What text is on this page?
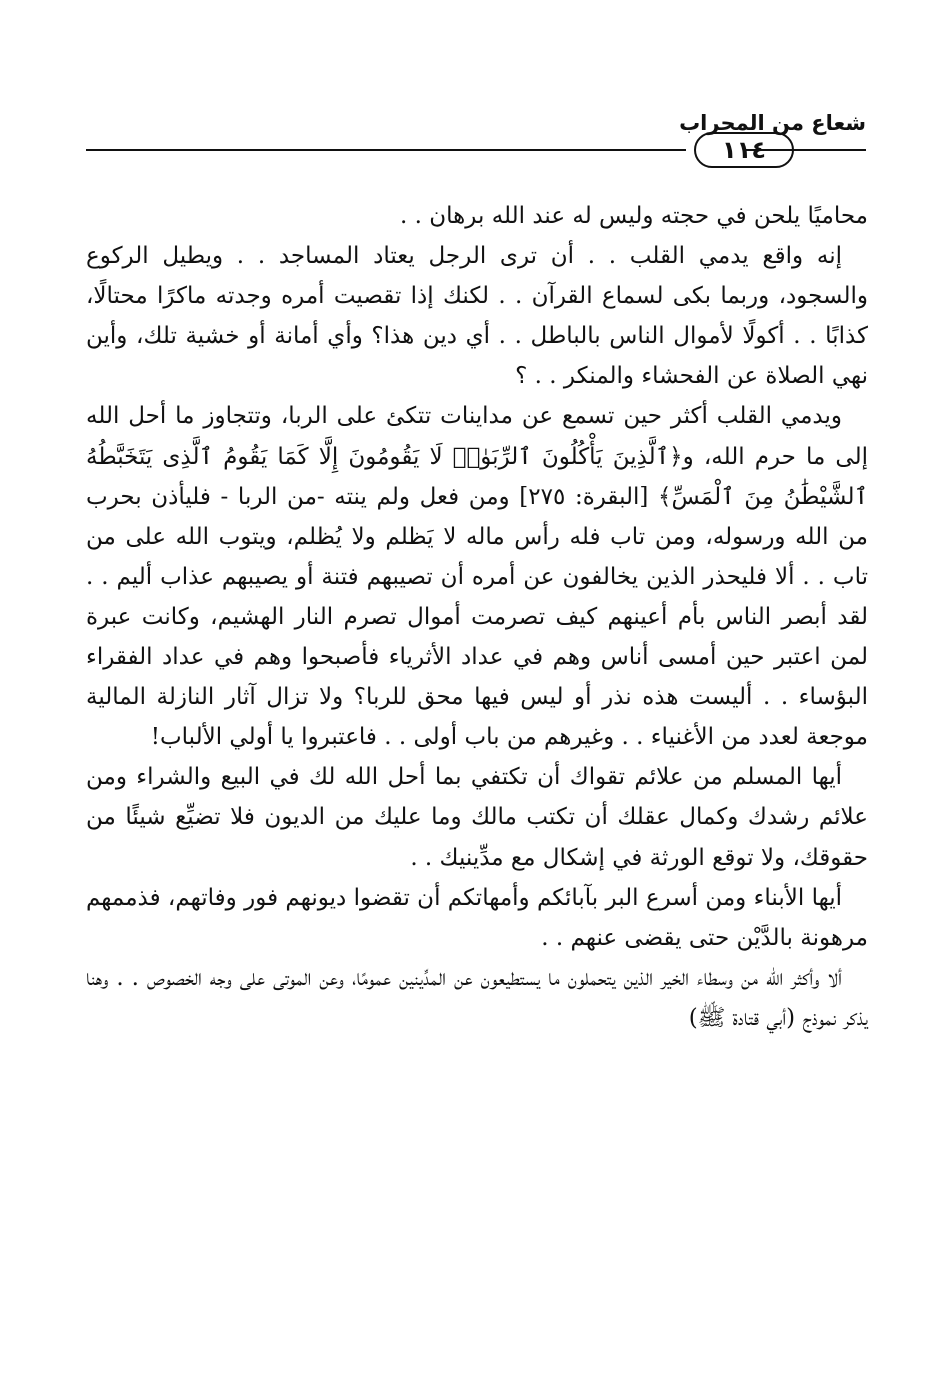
شعاع من المحراب
١١٤

محاميًا يلحن في حجته وليس له عند الله برهان . .

إنه واقع يدمي القلب . . أن ترى الرجل يعتاد المساجد . . ويطيل الركوع والسجود، وربما بكى لسماع القرآن . . لكنك إذا تقصيت أمره وجدته ماكرًا محتالًا، كذابًا . . أكولًا لأموال الناس بالباطل . . أي دين هذا؟ وأي أمانة أو خشية تلك، وأين نهي الصلاة عن الفحشاء والمنكر . . ؟

ويدمي القلب أكثر حين تسمع عن مداينات تتكئ على الربا، وتتجاوز ما أحل الله إلى ما حرم الله، و﴿ٱلَّذِينَ يَأْكُلُونَ ٱلرِّبَوٰا۟ لَا يَقُومُونَ إِلَّا كَمَا يَقُومُ ٱلَّذِى يَتَخَبَّطُهُ ٱلشَّيْطَٰنُ مِنَ ٱلْمَسِّ﴾ [البقرة: ٢٧٥] ومن فعل ولم ينته -من الربا - فليأذن بحرب من الله ورسوله، ومن تاب فله رأس ماله لا يَظلم ولا يُظلم، ويتوب الله على من تاب . . ألا فليحذر الذين يخالفون عن أمره أن تصيبهم فتنة أو يصيبهم عذاب أليم . . لقد أبصر الناس بأم أعينهم كيف تصرمت أموال تصرم النار الهشيم، وكانت عبرة لمن اعتبر حين أمسى أناس وهم في عداد الأثرياء فأصبحوا وهم في عداد الفقراء البؤساء . . أليست هذه نذر أو ليس فيها محق للربا؟ ولا تزال آثار النازلة المالية موجعة لعدد من الأغنياء . . وغيرهم من باب أولى . . فاعتبروا يا أولي الألباب!

أيها المسلم من علائم تقواك أن تكتفي بما أحل الله لك في البيع والشراء ومن علائم رشدك وكمال عقلك أن تكتب مالك وما عليك من الديون فلا تضيِّع شيئًا من حقوقك، ولا توقع الورثة في إشكال مع مدِّينيك . .

أيها الأبناء ومن أسرع البر بآبائكم وأمهاتكم أن تقضوا ديونهم فور وفاتهم، فذممهم مرهونة بالدَّيْن حتى يقضى عنهم . .

ألا وأكثر الله من وسطاء الخير الذين يتحملون ما يستطيعون عن المدِّينين عمومًا، وعن الموتى على وجه الخصوص . . وهنا يذكر نموذج (أبي قتادة ﷺ)
